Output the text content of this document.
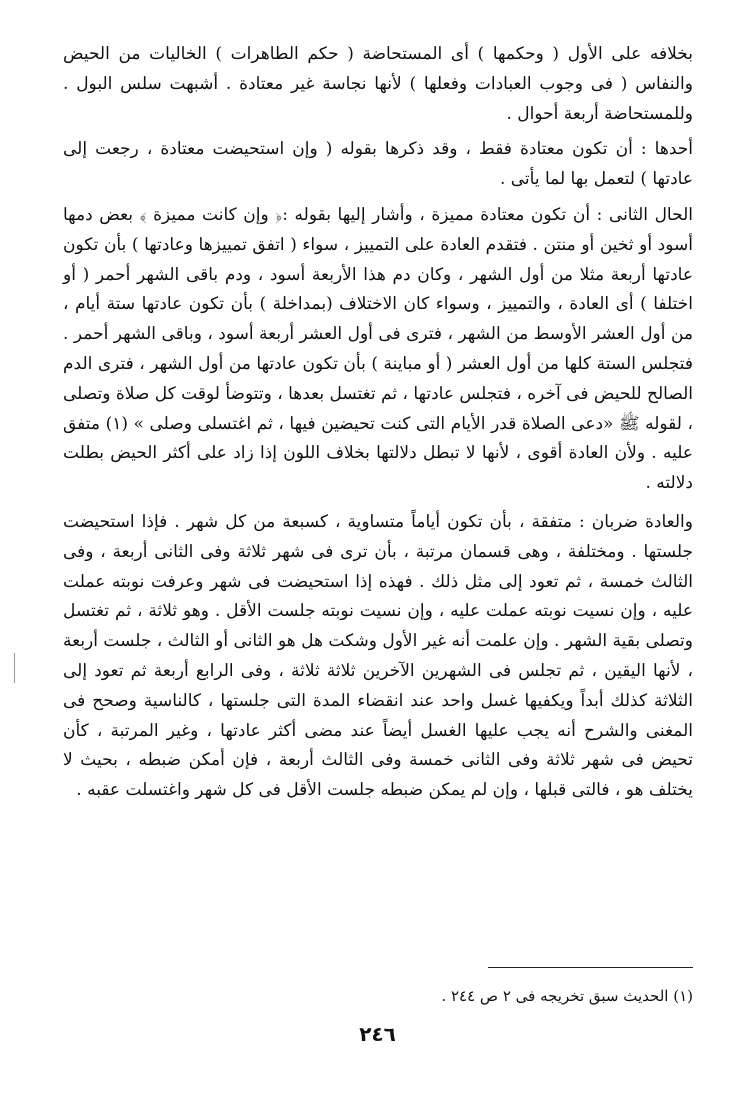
بخلافه على الأول ( وحكمها ) أى المستحاضة ( حكم الطاهرات ) الخاليات من الحيض والنفاس ( فى وجوب العبادات وفعلها ) لأنها نجاسة غير معتادة . أشبهت سلس البول . وللمستحاضة أربعة أحوال .

أحدها : أن تكون معتادة فقط ، وقد ذكرها بقوله ( وإن استحيضت معتادة ، رجعت إلى عادتها ) لتعمل بها لما يأتى .

الحال الثانى : أن تكون معتادة مميزة ، وأشار إليها بقوله :﴿ وإن كانت مميزة ﴾ بعض دمها أسود أو ثخين أو منتن . فتقدم العادة على التمييز ، سواء ( اتفق تمييزها وعادتها ) بأن تكون عادتها أربعة مثلا من أول الشهر ، وكان دم هذا الأربعة أسود ، ودم باقى الشهر أحمر ( أو اختلفا ) أى العادة ، والتمييز ، وسواء كان الاختلاف (بمداخلة ) بأن تكون عادتها ستة أيام ، من أول العشر الأوسط من الشهر ، فترى فى أول العشر أربعة أسود ، وباقى الشهر أحمر . فتجلس الستة كلها من أول العشر ( أو مباينة ) بأن تكون عادتها من أول الشهر ، فترى الدم الصالح للحيض فى آخره ، فتجلس عادتها ، ثم تغتسل بعدها ، وتتوضأ لوقت كل صلاة وتصلى ، لقوله ﷺ «دعى الصلاة قدر الأيام التى كنت تحيضين فيها ، ثم اغتسلى وصلى » (١) متفق عليه . ولأن العادة أقوى ، لأنها لا تبطل دلالتها بخلاف اللون إذا زاد على أكثر الحيض بطلت دلالته .

والعادة ضربان : متفقة ، بأن تكون أياماً متساوية ، كسبعة من كل شهر . فإذا استحيضت جلستها . ومختلفة ، وهى قسمان مرتبة ، بأن ترى فى شهر ثلاثة وفى الثانى أربعة ، وفى الثالث خمسة ، ثم تعود إلى مثل ذلك . فهذه إذا استحيضت فى شهر وعرفت نوبته عملت عليه ، وإن نسيت نوبته عملت عليه ، وإن نسيت نوبته جلست الأقل . وهو ثلاثة ، ثم تغتسل وتصلى بقية الشهر . وإن علمت أنه غير الأول وشكت هل هو الثانى أو الثالث ، جلست أربعة ، لأنها اليقين ، ثم تجلس فى الشهرين الآخرين ثلاثة ثلاثة ، وفى الرابع أربعة ثم تعود إلى الثلاثة كذلك أبداً ويكفيها غسل واحد عند انقضاء المدة التى جلستها ، كالناسية وصحح فى المغنى والشرح أنه يجب عليها الغسل أيضاً عند مضى أكثر عادتها ، وغير المرتبة ، كأن تحيض فى شهر ثلاثة وفى الثانى خمسة وفى الثالث أربعة ، فإن أمكن ضبطه ، بحيث لا يختلف هو ، فالتى قبلها ، وإن لم يمكن ضبطه جلست الأقل فى كل شهر واغتسلت عقبه .

(١) الحديث سبق تخريجه فى ٢ ص ٢٤٤ .
٢٤٦
